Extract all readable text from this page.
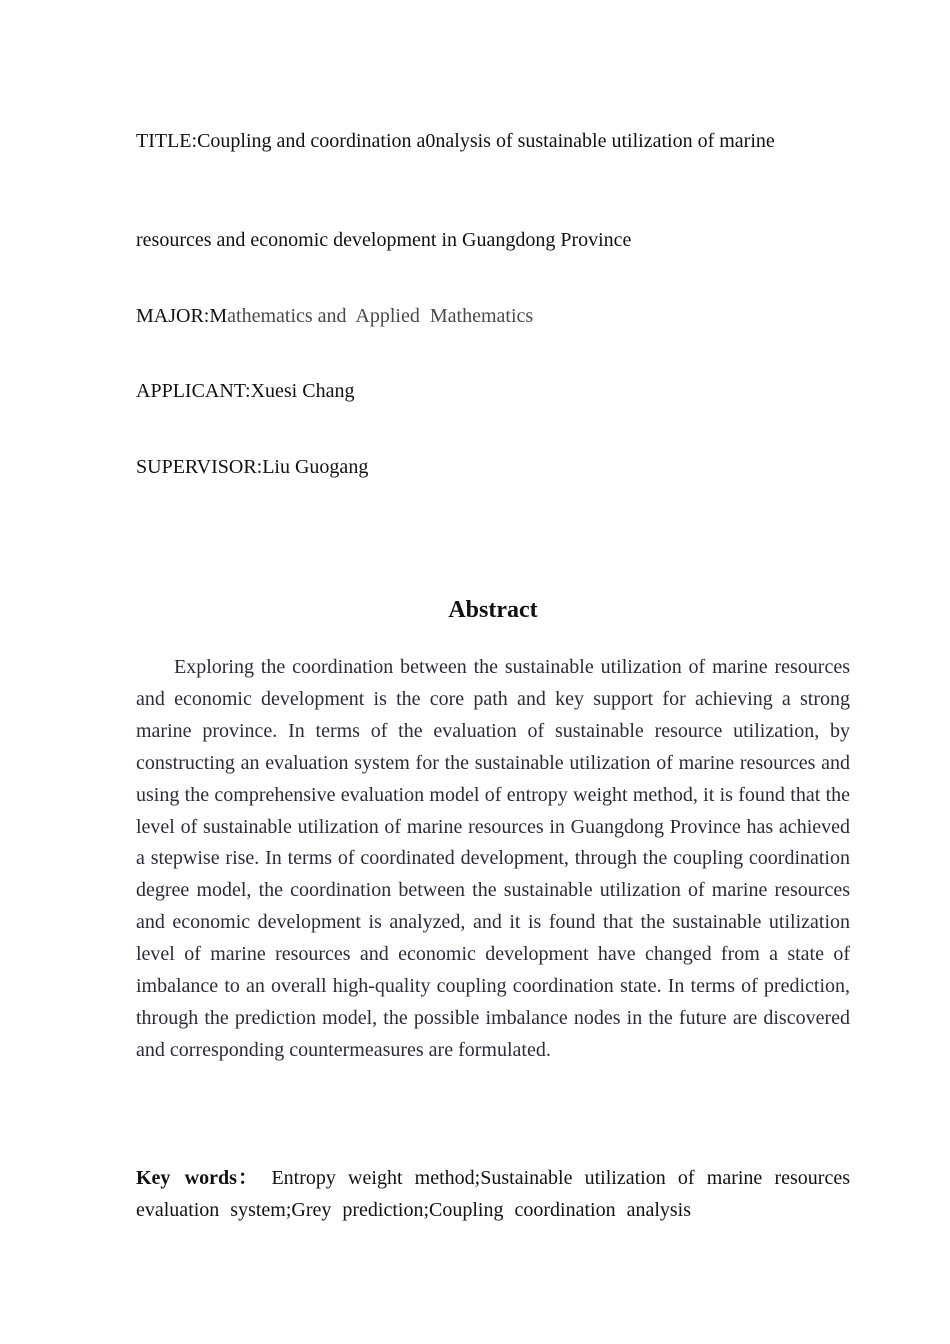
TITLE:Coupling and coordination a0nalysis of sustainable utilization of marine
resources and economic development in Guangdong Province
MAJOR:Mathematics and  Applied  Mathematics
APPLICANT:Xuesi Chang
SUPERVISOR:Liu Guogang
Abstract

Exploring the coordination between the sustainable utilization of marine resources and economic development is the core path and key support for achieving a strong marine province. In terms of the evaluation of sustainable resource utilization, by constructing an evaluation system for the sustainable utilization of marine resources and using the comprehensive evaluation model of entropy weight method, it is found that the level of sustainable utilization of marine resources in Guangdong Province has achieved a stepwise rise. In terms of coordinated development, through the coupling coordination degree model, the coordination between the sustainable utilization of marine resources and economic development is analyzed, and it is found that the sustainable utilization level of marine resources and economic development have changed from a state of imbalance to an overall high-quality coupling coordination state. In terms of prediction, through the prediction model, the possible imbalance nodes in the future are discovered and corresponding countermeasures are formulated.

Key words： Entropy weight method;Sustainable utilization of marine resources evaluation system;Grey prediction;Coupling coordination analysis
